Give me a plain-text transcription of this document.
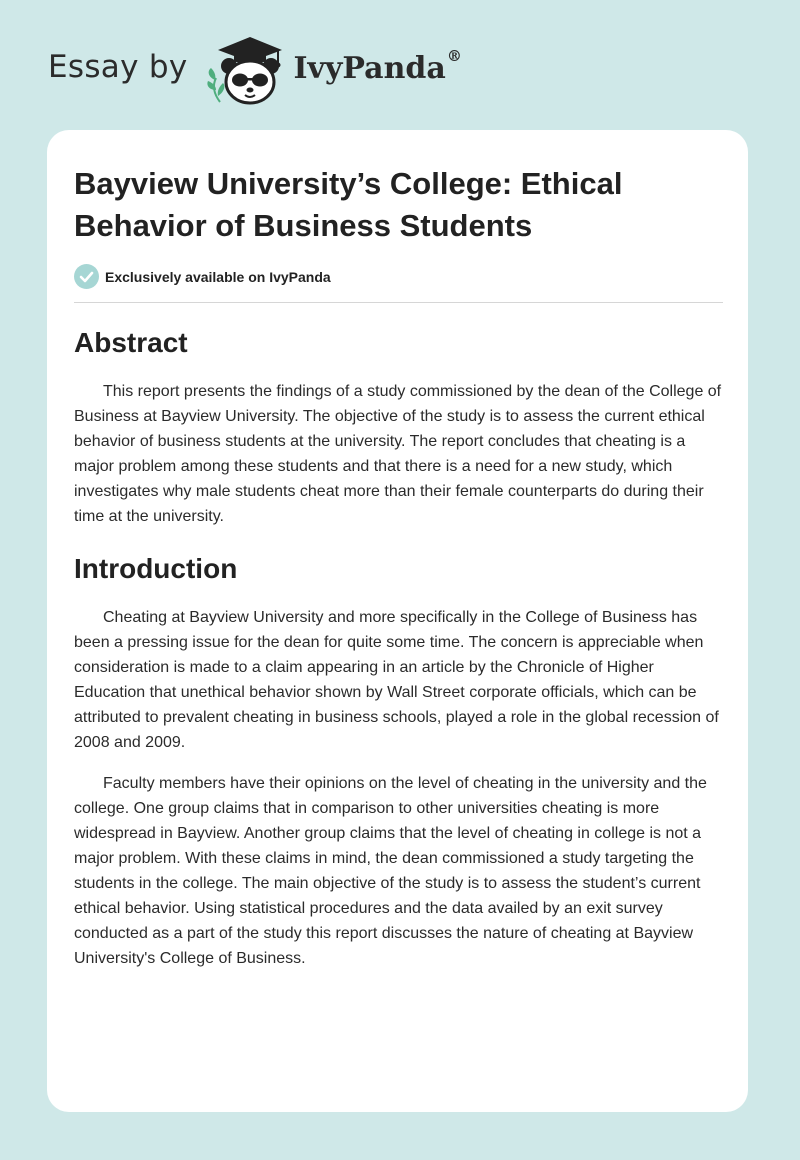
Essay by	IvyPanda®
Bayview University’s College: Ethical Behavior of Business Students
Exclusively available on IvyPanda
Abstract

This report presents the findings of a study commissioned by the dean of the College of Business at Bayview University. The objective of the study is to assess the current ethical behavior of business students at the university. The report concludes that cheating is a major problem among these students and that there is a need for a new study, which investigates why male students cheat more than their female counterparts do during their time at the university.

Introduction

Cheating at Bayview University and more specifically in the College of Business has been a pressing issue for the dean for quite some time. The concern is appreciable when consideration is made to a claim appearing in an article by the Chronicle of Higher Education that unethical behavior shown by Wall Street corporate officials, which can be attributed to prevalent cheating in business schools, played a role in the global recession of 2008 and 2009.

Faculty members have their opinions on the level of cheating in the university and the college. One group claims that in comparison to other universities cheating is more widespread in Bayview. Another group claims that the level of cheating in college is not a major problem. With these claims in mind, the dean commissioned a study targeting the students in the college. The main objective of the study is to assess the student’s current ethical behavior. Using statistical procedures and the data availed by an exit survey conducted as a part of the study this report discusses the nature of cheating at Bayview University's College of Business.
